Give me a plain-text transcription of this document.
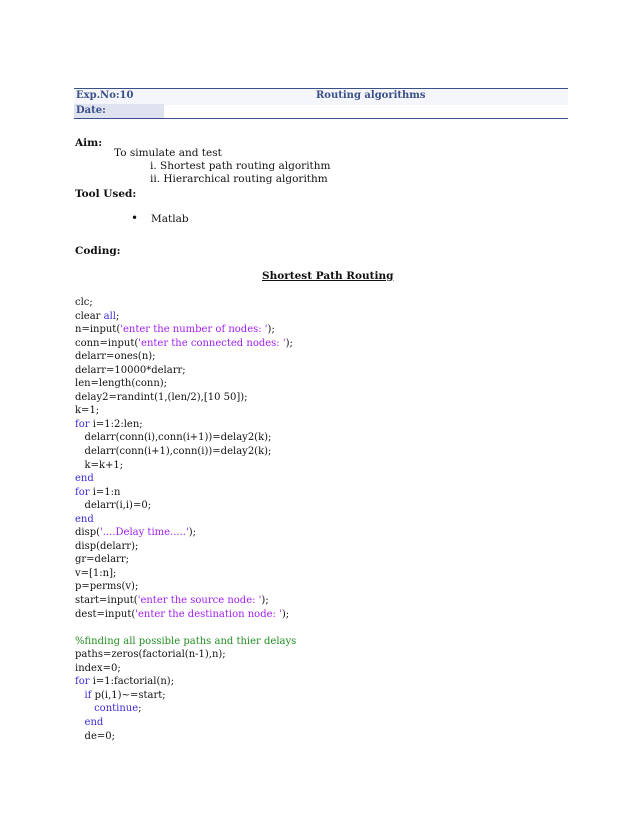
Exp.No:10	Routing algorithms
Date:
Aim:
To simulate and test
i. Shortest path routing algorithm
ii. Hierarchical routing algorithm
Tool Used:
• Matlab
Coding:
Shortest Path Routing
clc;
clear all;
n=input('enter the number of nodes: ');
conn=input('enter the connected nodes: ');
delarr=ones(n);
delarr=10000*delarr;
len=length(conn);
delay2=randint(1,(len/2),[10 50]);
k=1;
for i=1:2:len;
delarr(conn(i),conn(i+1))=delay2(k);
delarr(conn(i+1),conn(i))=delay2(k);
k=k+1;
end
for i=1:n
delarr(i,i)=0;
end
disp('....Delay time.....');
disp(delarr);
gr=delarr;
v=[1:n];
p=perms(v);
start=input('enter the source node: ');
dest=input('enter the destination node: ');

%finding all possible paths and thier delays
paths=zeros(factorial(n-1),n);
index=0;
for i=1:factorial(n);
if p(i,1)~=start;
continue;
end
de=0;
